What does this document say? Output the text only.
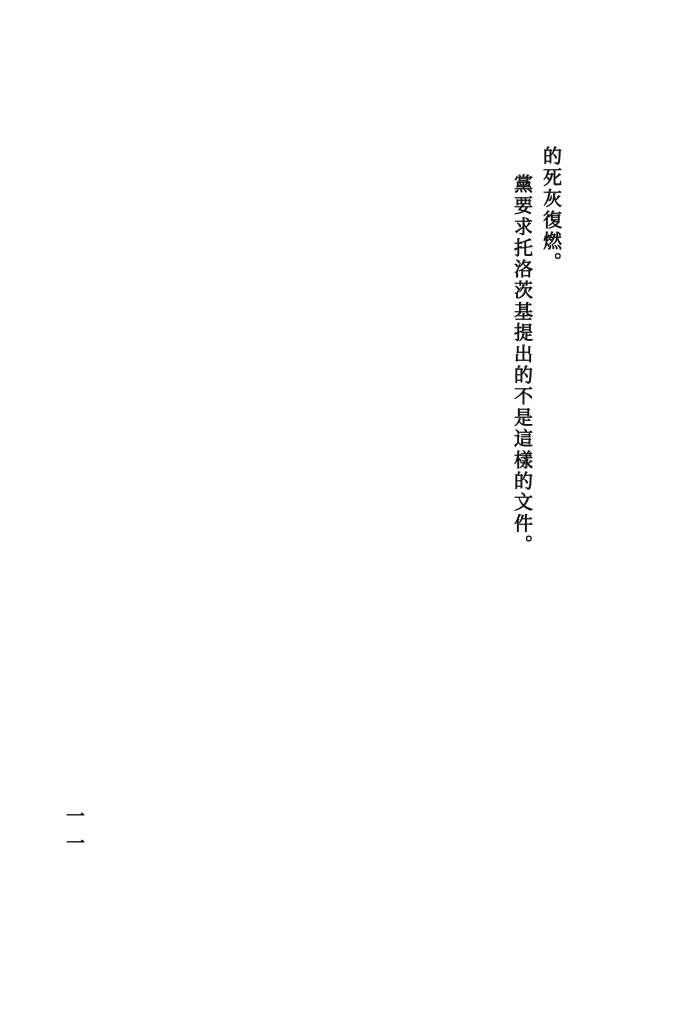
的死灰復燃。
黨要求托洛茨基提出的不是這樣的文件。
一一
